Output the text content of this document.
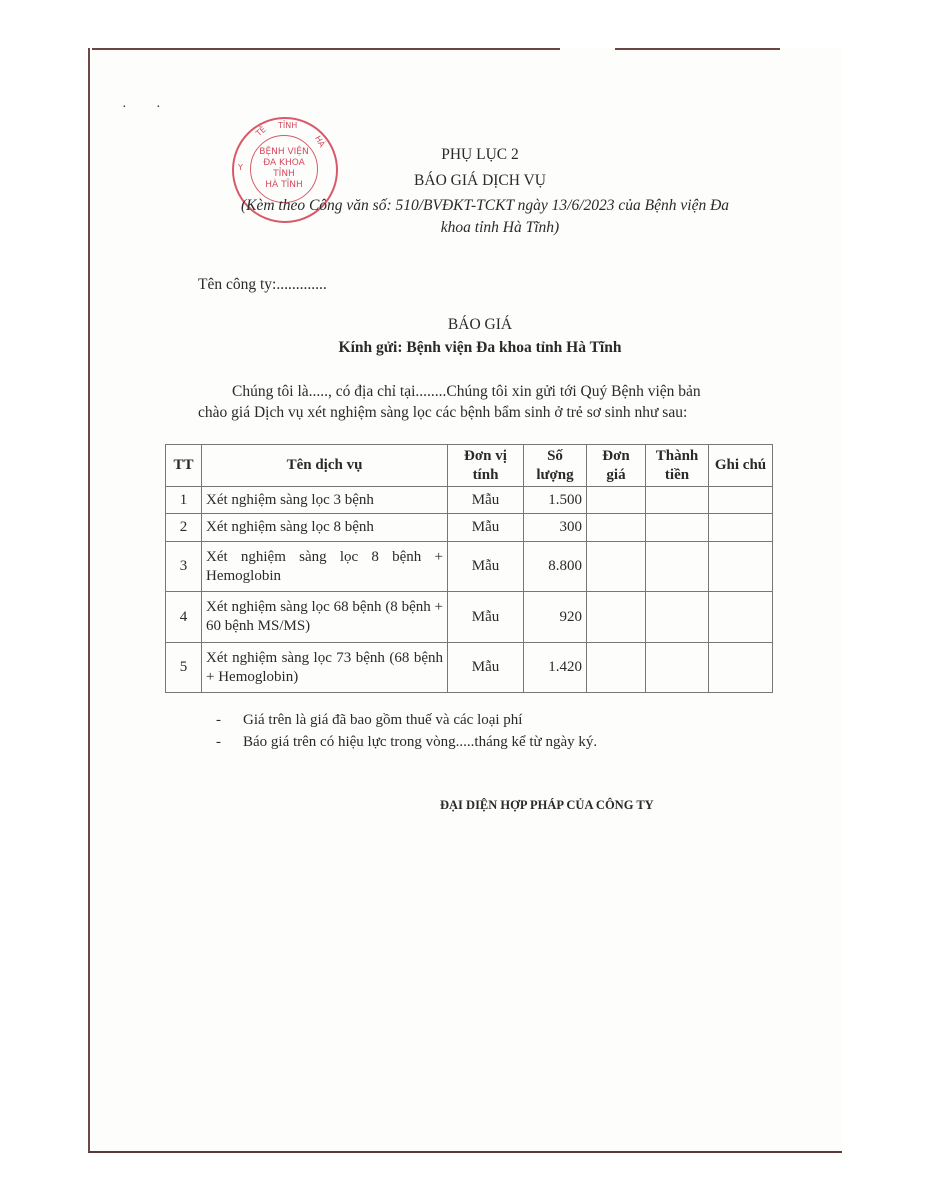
· ·
TẾ TỈNH
HÀ
Y
BỆNH VIỆN
ĐA KHOA
TỈNH
HÀ TĨNH
PHỤ LỤC 2
BÁO GIÁ DỊCH VỤ
(Kèm theo Công văn số: 510/BVĐKT-TCKT ngày 13/6/2023 của Bệnh viện Đa
khoa tỉnh Hà Tĩnh)
Tên công ty:.............
BÁO GIÁ
Kính gửi: Bệnh viện Đa khoa tỉnh Hà Tĩnh
Chúng tôi là....., có địa chỉ tại........Chúng tôi xin gửi tới Quý Bệnh viện bản
chào giá Dịch vụ xét nghiệm sàng lọc các bệnh bẩm sinh ở trẻ sơ sinh như sau:
TT	Tên dịch vụ	Đơn vị tính	Số lượng	Đơn giá	Thành tiền	Ghi chú
1	Xét nghiệm sàng lọc 3 bệnh	Mẫu	1.500			
2	Xét nghiệm sàng lọc 8 bệnh	Mẫu	300			
3	Xét nghiệm sàng lọc 8 bệnh + Hemoglobin	Mẫu	8.800			
4	Xét nghiệm sàng lọc 68 bệnh (8 bệnh + 60 bệnh MS/MS)	Mẫu	920			
5	Xét nghiệm sàng lọc 73 bệnh (68 bệnh + Hemoglobin)	Mẫu	1.420			
- Giá trên là giá đã bao gồm thuế và các loại phí
- Báo giá trên có hiệu lực trong vòng.....tháng kể từ ngày ký.
ĐẠI DIỆN HỢP PHÁP CỦA CÔNG TY
